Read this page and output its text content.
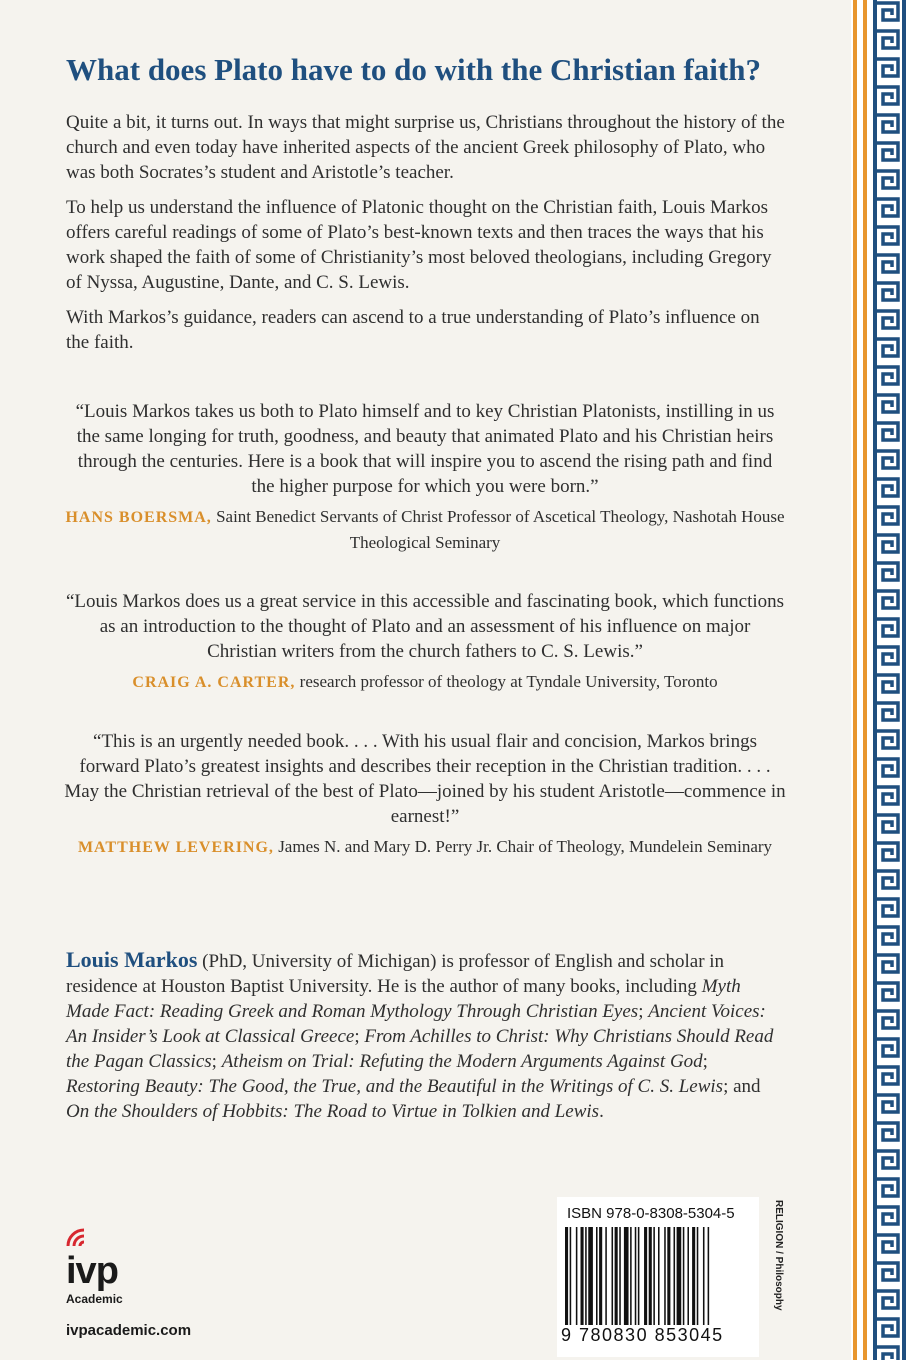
What does Plato have to do with the Christian faith?

Quite a bit, it turns out. In ways that might surprise us, Christians throughout the history of the church and even today have inherited aspects of the ancient Greek philosophy of Plato, who was both Socrates’s student and Aristotle’s teacher.

To help us understand the influence of Platonic thought on the Christian faith, Louis Markos offers careful readings of some of Plato’s best-known texts and then traces the ways that his work shaped the faith of some of Christianity’s most beloved theologians, including Gregory of Nyssa, Augustine, Dante, and C. S. Lewis.

With Markos’s guidance, readers can ascend to a true understanding of Plato’s influence on the faith.

“Louis Markos takes us both to Plato himself and to key Christian Platonists, instilling in us the same longing for truth, goodness, and beauty that animated Plato and his Christian heirs through the centuries. Here is a book that will inspire you to ascend the rising path and find the higher purpose for which you were born.”

HANS BOERSMA, Saint Benedict Servants of Christ Professor of Ascetical Theology, Nashotah House Theological Seminary

“Louis Markos does us a great service in this accessible and fascinating book, which functions as an introduction to the thought of Plato and an assessment of his influence on major Christian writers from the church fathers to C. S. Lewis.”

CRAIG A. CARTER, research professor of theology at Tyndale University, Toronto

“This is an urgently needed book. . . . With his usual flair and concision, Markos brings forward Plato’s greatest insights and describes their reception in the Christian tradition. . . . May the Christian retrieval of the best of Plato—joined by his student Aristotle—commence in earnest!”

MATTHEW LEVERING, James N. and Mary D. Perry Jr. Chair of Theology, Mundelein Seminary

Louis Markos (PhD, University of Michigan) is professor of English and scholar in residence at Houston Baptist University. He is the author of many books, including Myth Made Fact: Reading Greek and Roman Mythology Through Christian Eyes; Ancient Voices: An Insider’s Look at Classical Greece; From Achilles to Christ: Why Christians Should Read the Pagan Classics; Atheism on Trial: Refuting the Modern Arguments Against God; Restoring Beauty: The Good, the True, and the Beautiful in the Writings of C. S. Lewis; and On the Shoulders of Hobbits: The Road to Virtue in Tolkien and Lewis.
ivp
Academic
ivpacademic.com
ISBN 978-0-8308-5304-5
9 780830 853045
RELIGION / Philosophy
